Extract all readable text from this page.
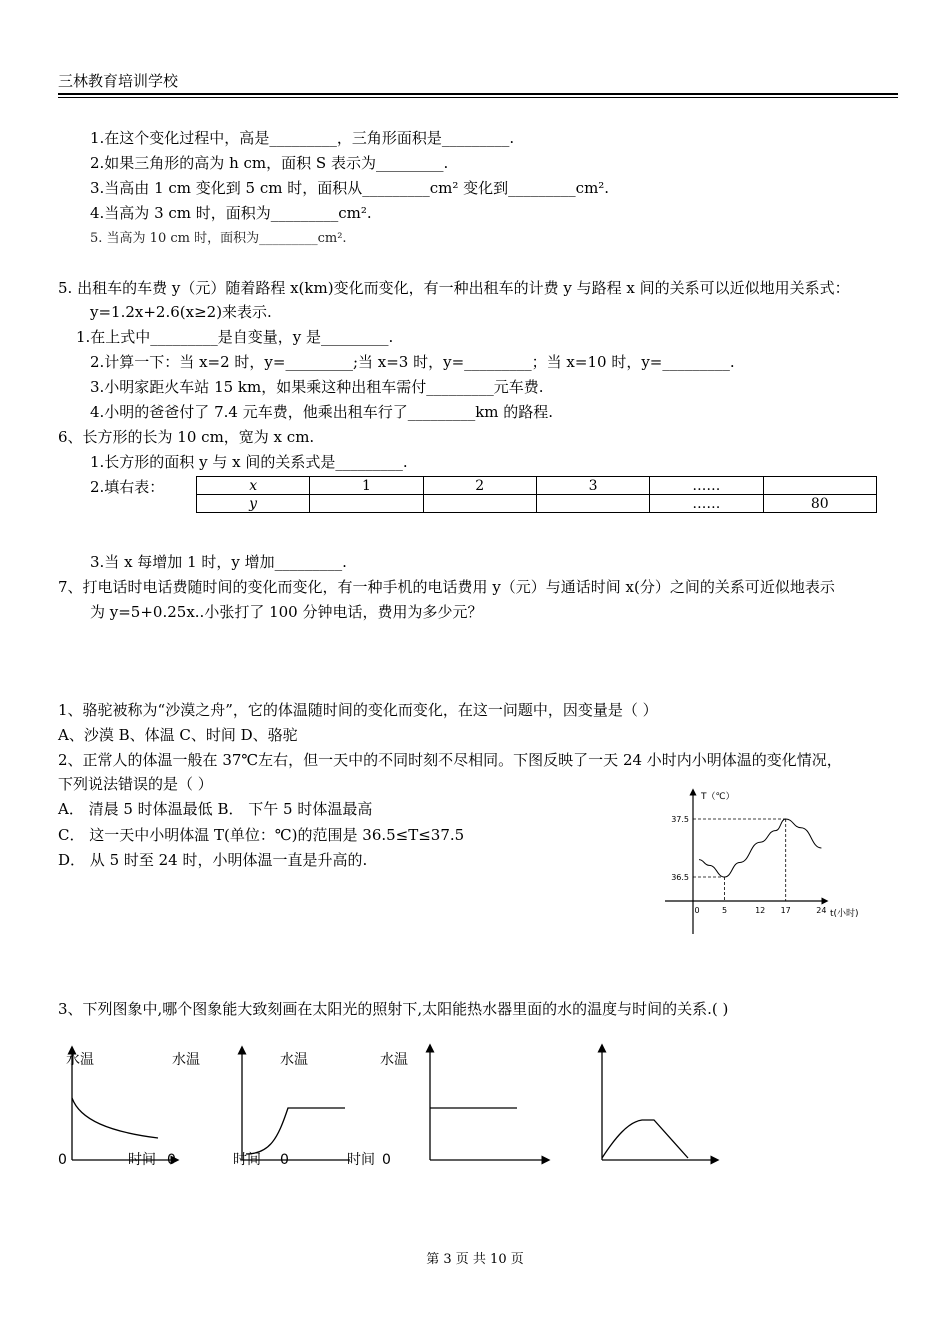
三林教育培训学校
1.在这个变化过程中，高是_________，三角形面积是_________.
2.如果三角形的高为 h cm，面积 S 表示为_________.
3.当高由 1 cm 变化到 5 cm 时，面积从_________cm² 变化到_________cm².
4.当高为 3 cm 时，面积为_________cm².
5. 当高为 10 cm 时，面积为_________cm².
5. 出租车的车费 y（元）随着路程 x(km)变化而变化，有一种出租车的计费 y 与路程 x 间的关系可以近似地用关系式：
y=1.2x+2.6(x≥2)来表示.
1.在上式中_________是自变量，y 是_________.
2.计算一下：当 x=2 时，y=_________;当 x=3 时，y=_________；当 x=10 时，y=_________.
3.小明家距火车站 15 km，如果乘这种出租车需付_________元车费.
4.小明的爸爸付了 7.4 元车费，他乘出租车行了_________km 的路程.
6、长方形的长为 10 cm，宽为 x cm.
1.长方形的面积 y 与 x 间的关系式是_________.
2.填右表：	x	1	2	3	……	
y				……	80
3.当 x 每增加 1 时，y 增加_________.
7、打电话时电话费随时间的变化而变化，有一种手机的电话费用 y（元）与通话时间 x(分）之间的关系可近似地表示
为 y=5+0.25x..小张打了 100 分钟电话，费用为多少元？
1、骆驼被称为“沙漠之舟”，它的体温随时间的变化而变化，在这一问题中，因变量是（ ）
A、沙漠 B、体温 C、时间 D、骆驼
2、正常人的体温一般在 37℃左右，但一天中的不同时刻不尽相同。下图反映了一天 24 小时内小明体温的变化情况，
下列说法错误的是（ ）
A． 清晨 5 时体温最低 B． 下午 5 时体温最高
C． 这一天中小明体温 T(单位：℃)的范围是 36.5≤T≤37.5
D． 从 5 时至 24 时，小明体温一直是升高的.
T（℃）
t(小时)
36.5
37.5
0	5	12 17	24
3、下列图象中,哪个图象能大致刻画在太阳光的照射下,太阳能热水器里面的水的温度与时间的关系.( )
水温
0	时间
水温
0	时间
水温
0	时间
水温
0
第 3 页 共 10 页
